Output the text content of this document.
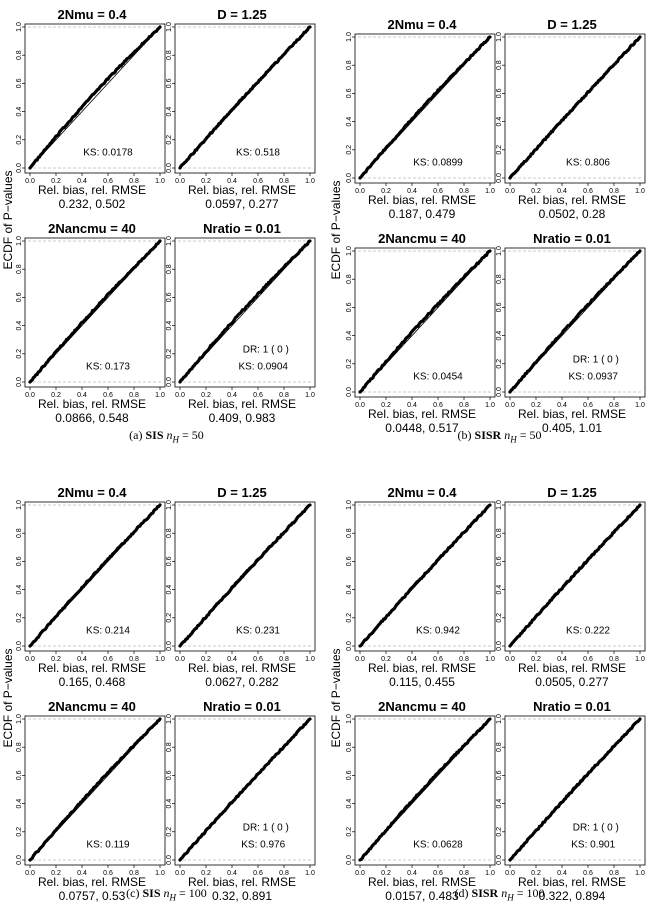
2Nmu = 0.4
0.0 0.2 0.4 0.6 0.8 1.0
0.0
0.2
0.4
0.6
0.8
1.0
KS: 0.0178
Rel. bias, rel. RMSE
0.232, 0.502
D = 1.25
0.0 0.2 0.4 0.6 0.8 1.0
0.0
0.2
0.4
0.6
0.8
1.0
KS: 0.518
Rel. bias, rel. RMSE
0.0597, 0.277
2Nancmu = 40
0.0 0.2 0.4 0.6 0.8 1.0
0.0
0.2
0.4
0.6
0.8
1.0
KS: 0.173
Rel. bias, rel. RMSE
0.0866, 0.548
Nratio = 0.01
0.0 0.2 0.4 0.6 0.8 1.0
0.0
0.2
0.4
0.6
0.8
1.0
DR: 1 ( 0 )
KS: 0.0904
Rel. bias, rel. RMSE
0.409, 0.983
ECDF of P−values
2Nmu = 0.4
0.0 0.2 0.4 0.6 0.8 1.0
0.0
0.2
0.4
0.6
0.8
1.0
KS: 0.0899
Rel. bias, rel. RMSE
0.187, 0.479
D = 1.25
0.0 0.2 0.4 0.6 0.8 1.0
0.0
0.2
0.4
0.6
0.8
1.0
KS: 0.806
Rel. bias, rel. RMSE
0.0502, 0.28
2Nancmu = 40
0.0 0.2 0.4 0.6 0.8 1.0
0.0
0.2
0.4
0.6
0.8
1.0
KS: 0.0454
Rel. bias, rel. RMSE
0.0448, 0.517
Nratio = 0.01
0.0 0.2 0.4 0.6 0.8 1.0
0.0
0.2
0.4
0.6
0.8
1.0
DR: 1 ( 0 )
KS: 0.0937
Rel. bias, rel. RMSE
0.405, 1.01
ECDF of P−values
2Nmu = 0.4
0.0 0.2 0.4 0.6 0.8 1.0
0.0
0.2
0.4
0.6
0.8
1.0
KS: 0.214
Rel. bias, rel. RMSE
0.165, 0.468
D = 1.25
0.0 0.2 0.4 0.6 0.8 1.0
0.0
0.2
0.4
0.6
0.8
1.0
KS: 0.231
Rel. bias, rel. RMSE
0.0627, 0.282
2Nancmu = 40
0.0 0.2 0.4 0.6 0.8 1.0
0.0
0.2
0.4
0.6
0.8
1.0
KS: 0.119
Rel. bias, rel. RMSE
0.0757, 0.53
Nratio = 0.01
0.0 0.2 0.4 0.6 0.8 1.0
0.0
0.2
0.4
0.6
0.8
1.0
DR: 1 ( 0 )
KS: 0.976
Rel. bias, rel. RMSE
0.32, 0.891
ECDF of P−values
2Nmu = 0.4
0.0 0.2 0.4 0.6 0.8 1.0
0.0
0.2
0.4
0.6
0.8
1.0
KS: 0.942
Rel. bias, rel. RMSE
0.115, 0.455
D = 1.25
0.0 0.2 0.4 0.6 0.8 1.0
0.0
0.2
0.4
0.6
0.8
1.0
KS: 0.222
Rel. bias, rel. RMSE
0.0505, 0.277
2Nancmu = 40
0.0 0.2 0.4 0.6 0.8 1.0
0.0
0.2
0.4
0.6
0.8
1.0
KS: 0.0628
Rel. bias, rel. RMSE
0.0157, 0.483
Nratio = 0.01
0.0 0.2 0.4 0.6 0.8 1.0
0.0
0.2
0.4
0.6
0.8
1.0
DR: 1 ( 0 )
KS: 0.901
Rel. bias, rel. RMSE
0.322, 0.894
ECDF of P−values
(a) SIS $n_H = 50$	(b) SISR $n_H = 50$
(c) SIS $n_H = 100$	(d) SISR $n_H = 100$
